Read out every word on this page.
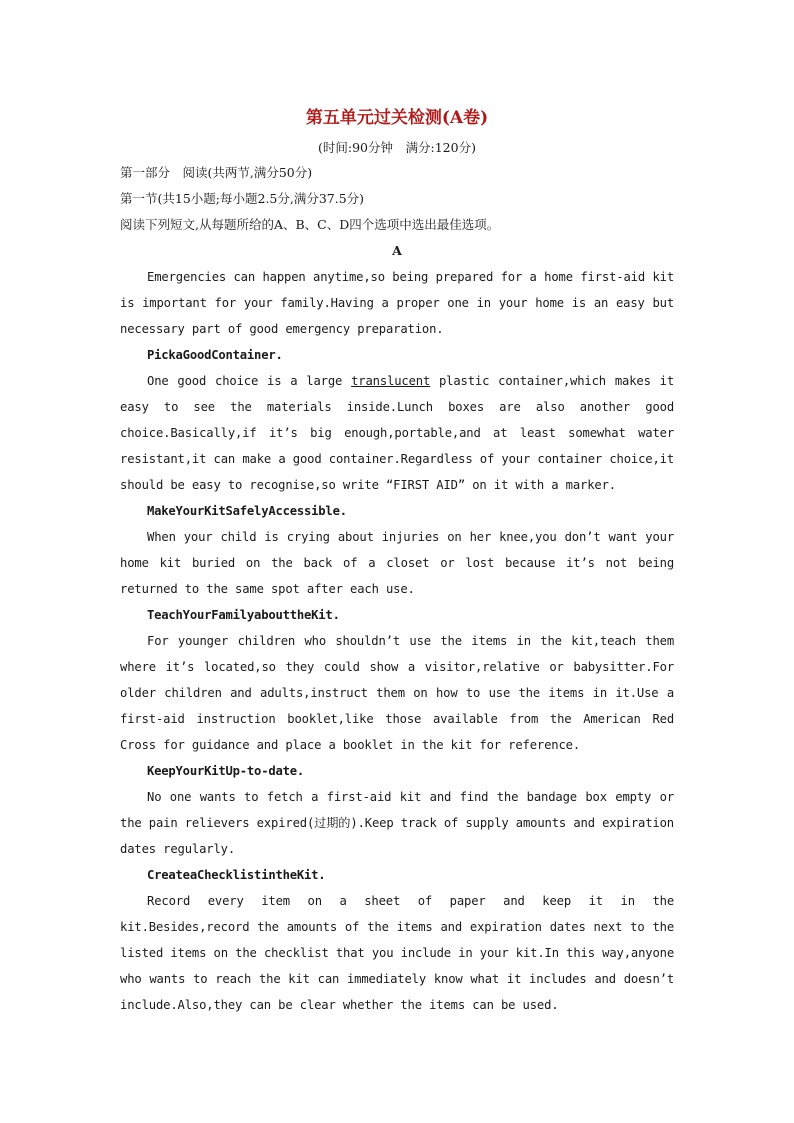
第五单元过关检测(A卷)
(时间:90分钟　满分:120分)
第一部分　阅读(共两节,满分50分)
第一节(共15小题;每小题2.5分,满分37.5分)
阅读下列短文,从每题所给的A、B、C、D四个选项中选出最佳选项。
A

Emergencies can happen anytime,so being prepared for a home first-aid kit is important for your family.Having a proper one in your home is an easy but necessary part of good emergency preparation.

PickaGoodContainer.

One good choice is a large translucent plastic container,which makes it easy to see the materials inside.Lunch boxes are also another good choice.Basically,if it’s big enough,portable,and at least somewhat water resistant,it can make a good container.Regardless of your container choice,it should be easy to recognise,so write “FIRST AID” on it with a marker.

MakeYourKitSafelyAccessible.

When your child is crying about injuries on her knee,you don’t want your home kit buried on the back of a closet or lost because it’s not being returned to the same spot after each use.

TeachYourFamilyabouttheKit.

For younger children who shouldn’t use the items in the kit,teach them where it’s located,so they could show a visitor,relative or babysitter.For older children and adults,instruct them on how to use the items in it.Use a first-aid instruction booklet,like those available from the American Red Cross for guidance and place a booklet in the kit for reference.

KeepYourKitUp-to-date.

No one wants to fetch a first-aid kit and find the bandage box empty or the pain relievers expired(过期的).Keep track of supply amounts and expiration dates regularly.

CreateaChecklistintheKit.

Record every item on a sheet of paper and keep it in the kit.Besides,record the amounts of the items and expiration dates next to the listed items on the checklist that you include in your kit.In this way,anyone who wants to reach the kit can immediately know what it includes and doesn’t include.Also,they can be clear whether the items can be used.
